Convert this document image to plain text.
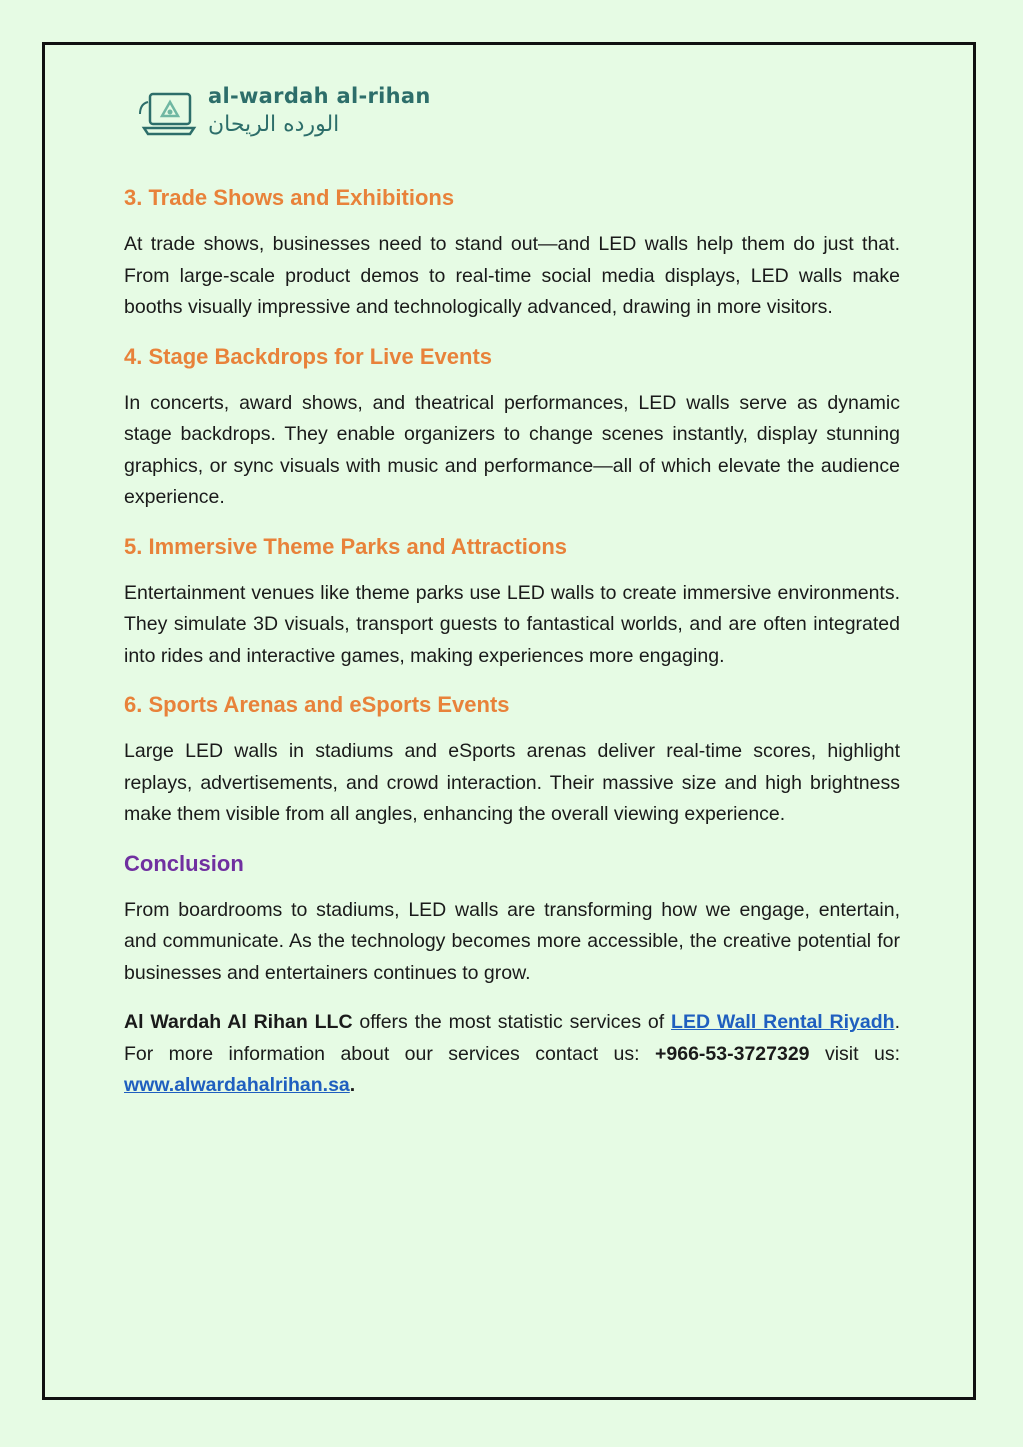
al-wardah al-rihan
الورده الريحان
3. Trade Shows and Exhibitions

At trade shows, businesses need to stand out—and LED walls help them do just that. From large-scale product demos to real-time social media displays, LED walls make booths visually impressive and technologically advanced, drawing in more visitors.

4. Stage Backdrops for Live Events

In concerts, award shows, and theatrical performances, LED walls serve as dynamic stage backdrops. They enable organizers to change scenes instantly, display stunning graphics, or sync visuals with music and performance—all of which elevate the audience experience.

5. Immersive Theme Parks and Attractions

Entertainment venues like theme parks use LED walls to create immersive environments. They simulate 3D visuals, transport guests to fantastical worlds, and are often integrated into rides and interactive games, making experiences more engaging.

6. Sports Arenas and eSports Events

Large LED walls in stadiums and eSports arenas deliver real-time scores, highlight replays, advertisements, and crowd interaction. Their massive size and high brightness make them visible from all angles, enhancing the overall viewing experience.

Conclusion

From boardrooms to stadiums, LED walls are transforming how we engage, entertain, and communicate. As the technology becomes more accessible, the creative potential for businesses and entertainers continues to grow.

Al Wardah Al Rihan LLC offers the most statistic services of LED Wall Rental Riyadh. For more information about our services contact us: +966-53-3727329 visit us: www.alwardahalrihan.sa.
